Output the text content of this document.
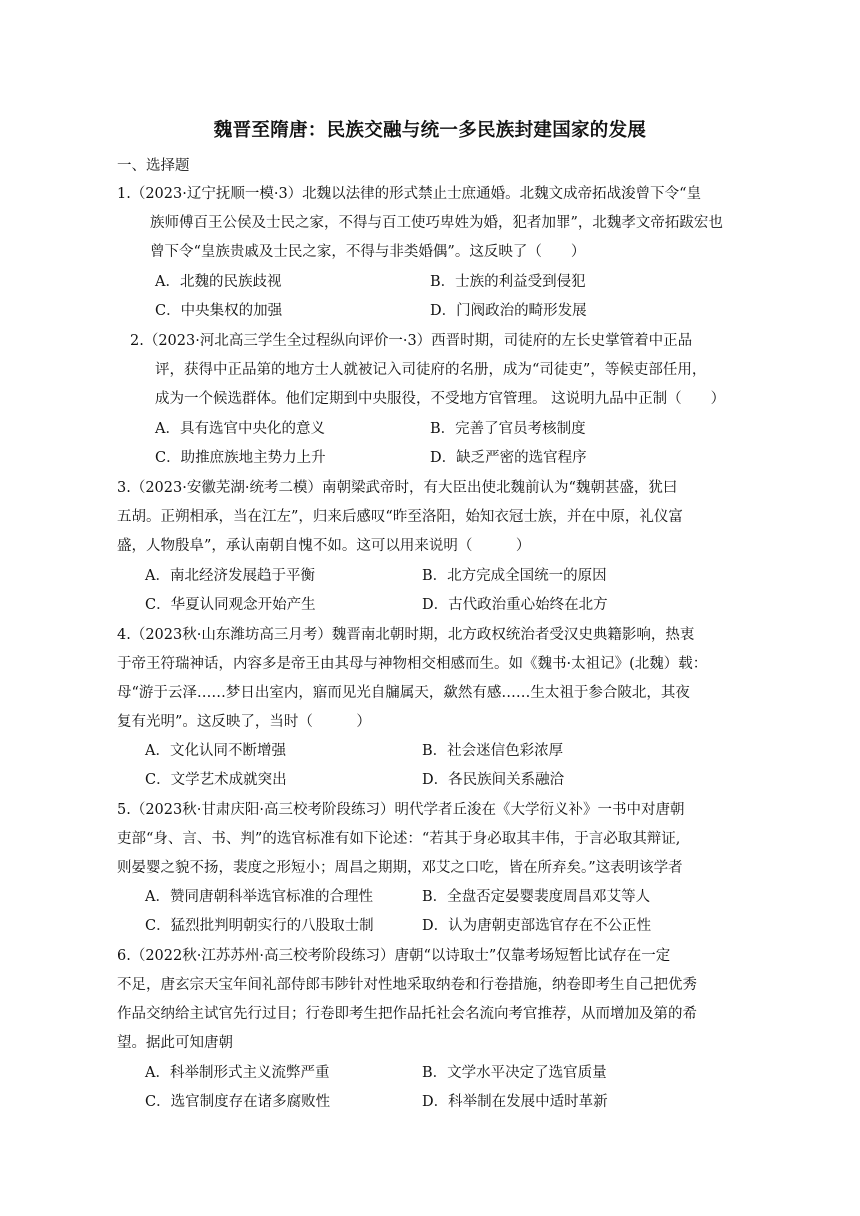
魏晋至隋唐：民族交融与统一多民族封建国家的发展
一、选择题
1.（2023·辽宁抚顺一模·3）北魏以法律的形式禁止士庶通婚。北魏文成帝拓战浚曾下令“皇
族师傅百王公侯及士民之家，不得与百工使巧卑姓为婚，犯者加罪”，北魏孝文帝拓跋宏也
曾下令“皇族贵戚及士民之家，不得与非类婚偶”。这反映了（　　）
A．北魏的民族歧视	B．士族的利益受到侵犯
C．中央集权的加强	D．门阀政治的畸形发展
2.（2023·河北高三学生全过程纵向评价一·3）西晋时期，司徒府的左长史掌管着中正品
评，获得中正品第的地方士人就被记入司徒府的名册，成为“司徒吏”，等候吏部任用，
成为一个候选群体。他们定期到中央服役，不受地方官管理。 这说明九品中正制（　　）
A．具有选官中央化的意义	B．完善了官员考核制度
C．助推庶族地主势力上升	D．缺乏严密的选官程序
3.（2023·安徽芜湖·统考二模）南朝梁武帝时，有大臣出使北魏前认为“魏朝甚盛，犹曰
五胡。正朔相承，当在江左”，归来后感叹“昨至洛阳，始知衣冠士族，并在中原，礼仪富
盛，人物殷阜”，承认南朝自愧不如。这可以用来说明（　　　）
A．南北经济发展趋于平衡	B．北方完成全国统一的原因
C．华夏认同观念开始产生	D．古代政治重心始终在北方
4.（2023秋·山东潍坊高三月考）魏晋南北朝时期，北方政权统治者受汉史典籍影响，热衷
于帝王符瑞神话，内容多是帝王由其母与神物相交相感而生。如《魏书·太祖记》(北魏）载：
母“游于云泽……梦日出室内，寤而见光自牖属天，歘然有感……生太祖于参合陂北，其夜
复有光明”。这反映了，当时（　　　）
A．文化认同不断增强	B．社会迷信色彩浓厚
C．文学艺术成就突出	D．各民族间关系融洽
5.（2023秋·甘肃庆阳·高三校考阶段练习）明代学者丘浚在《大学衍义补》一书中对唐朝
吏部“身、言、书、判”的选官标准有如下论述：“若其于身必取其丰伟，于言必取其辩证,
则晏婴之貌不扬，裴度之形短小；周昌之期期，邓艾之口吃，皆在所弃矣。”这表明该学者
A．赞同唐朝科举选官标准的合理性	B．全盘否定晏婴裴度周昌邓艾等人
C．猛烈批判明朝实行的八股取士制	D．认为唐朝吏部选官存在不公正性
6.（2022秋·江苏苏州·高三校考阶段练习）唐朝“以诗取士”仅靠考场短暂比试存在一定
不足，唐玄宗天宝年间礼部侍郎韦陟针对性地采取纳卷和行卷措施，纳卷即考生自己把优秀
作品交纳给主试官先行过目；行卷即考生把作品托社会名流向考官推荐，从而增加及第的希
望。据此可知唐朝
A．科举制形式主义流弊严重	B．文学水平决定了选官质量
C．选官制度存在诸多腐败性	D．科举制在发展中适时革新
